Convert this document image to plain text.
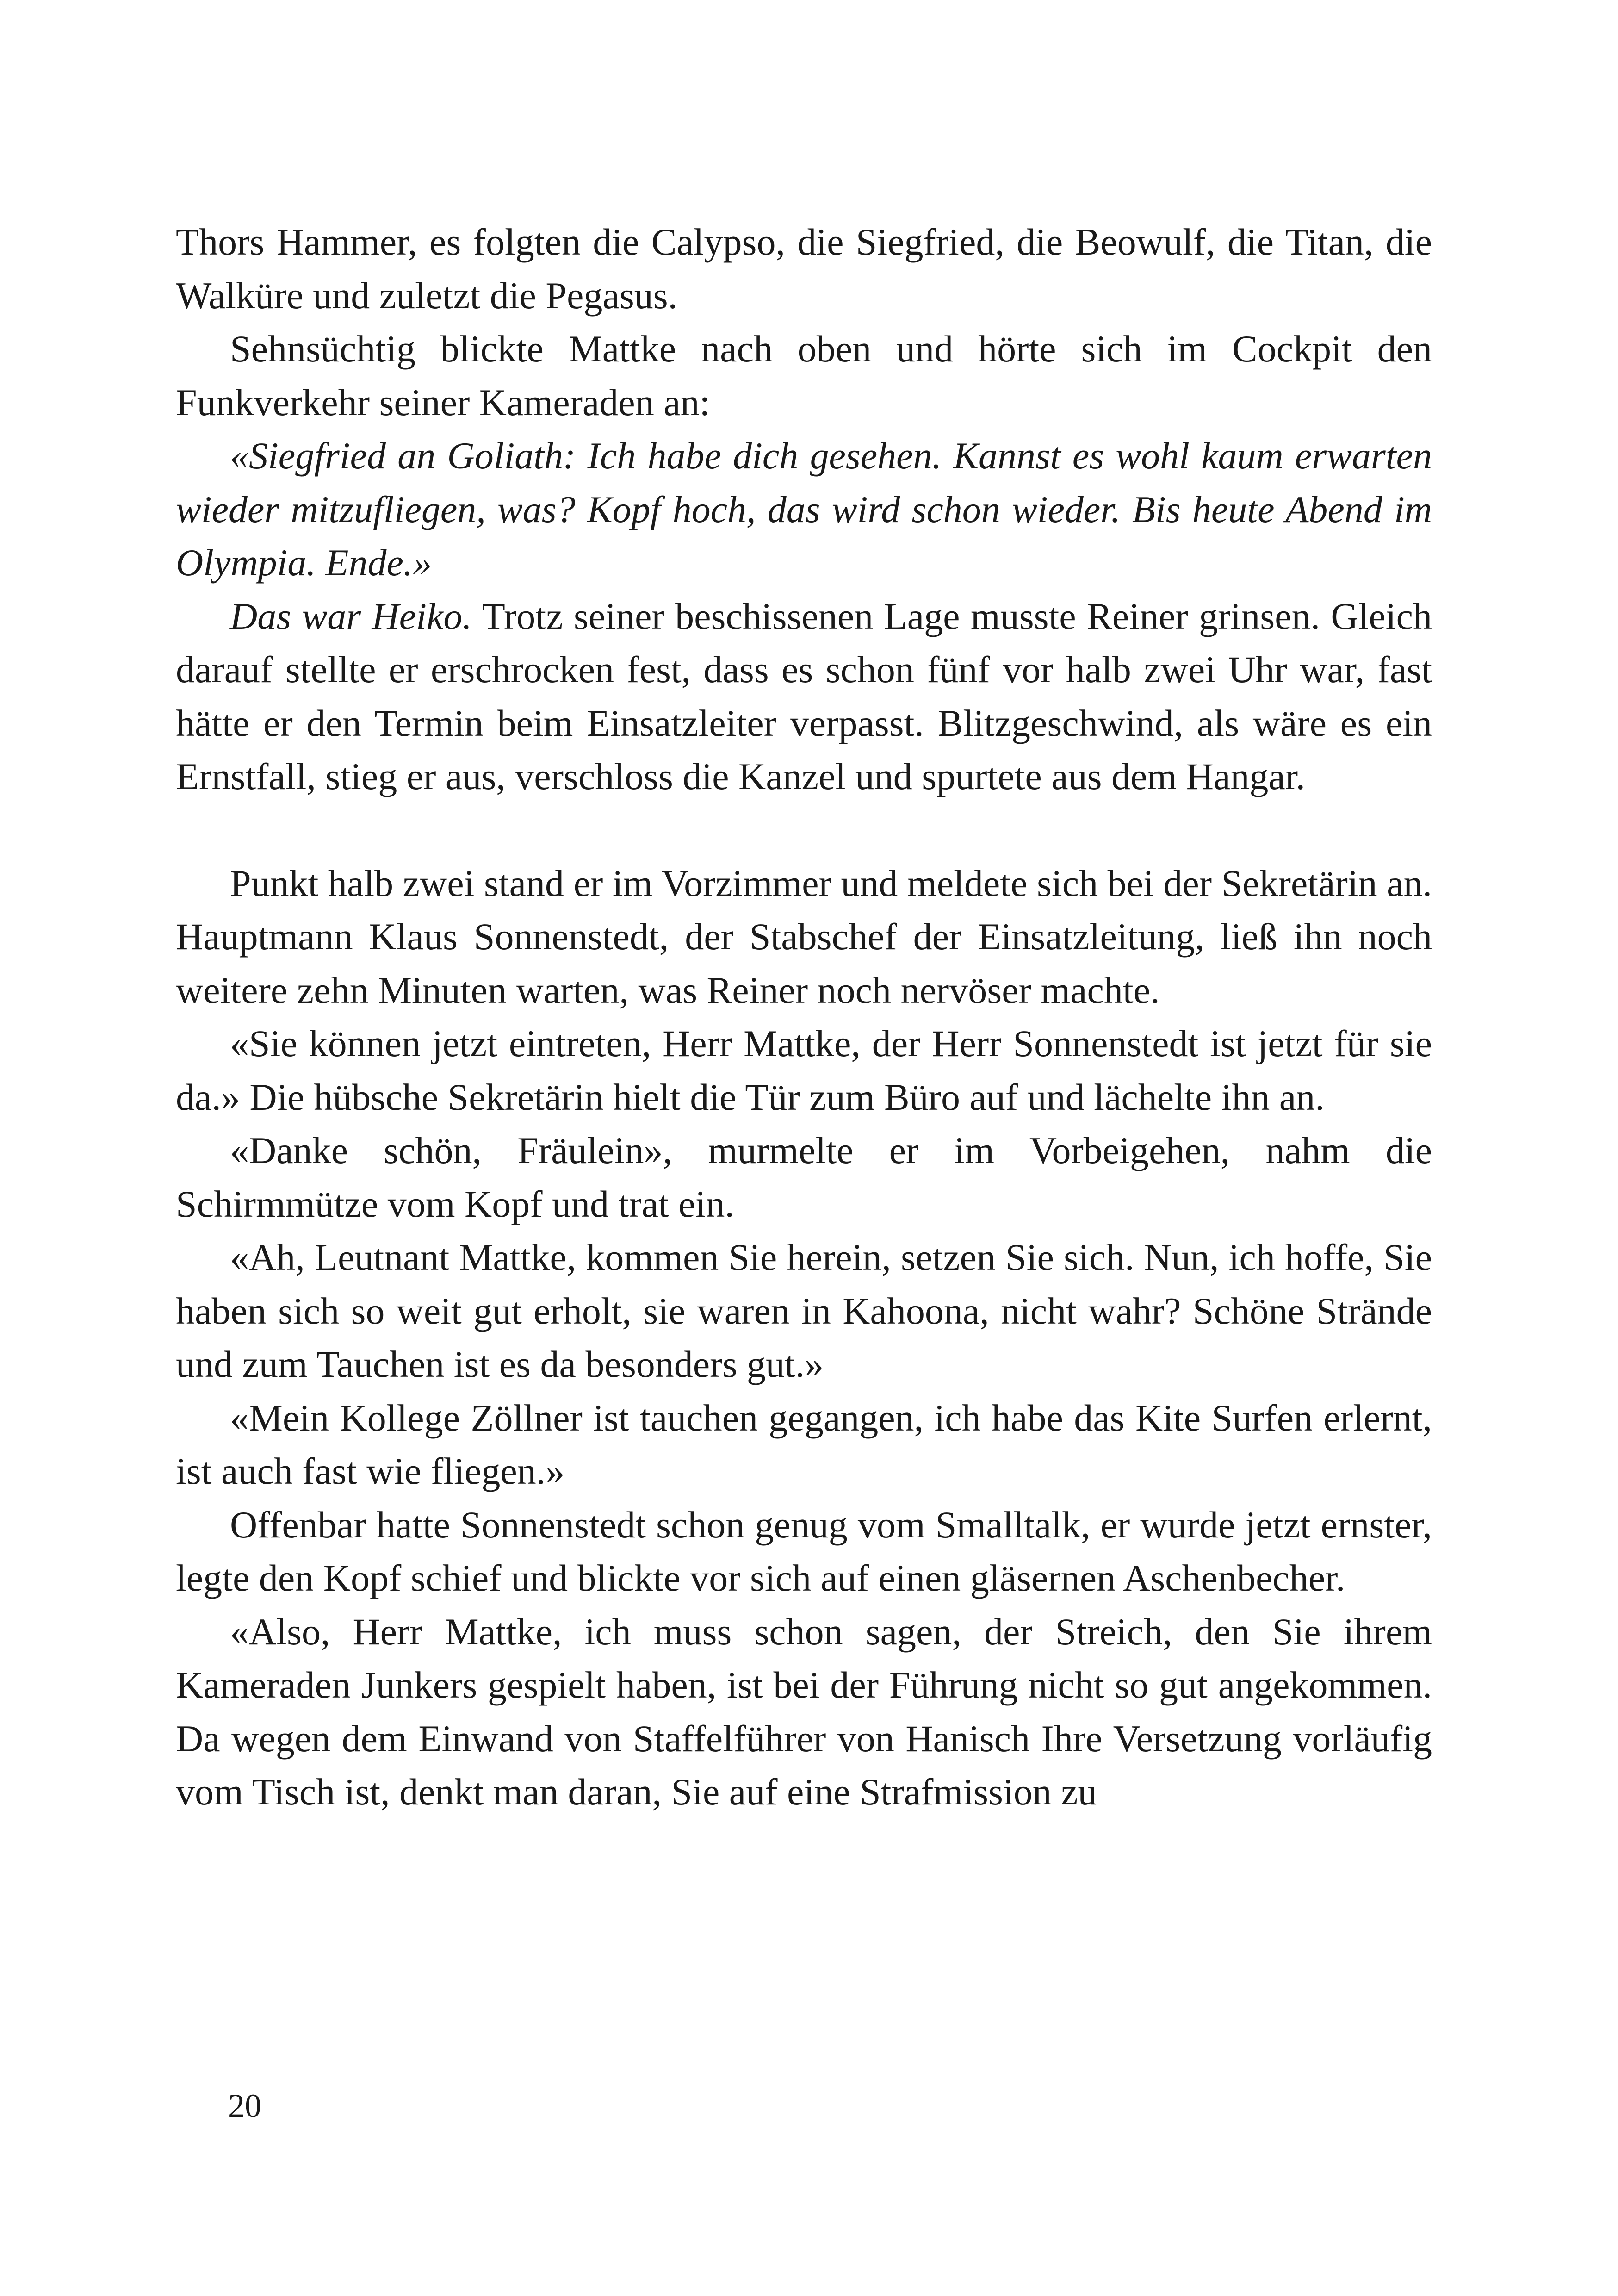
Thors Hammer, es folgten die Calypso, die Siegfried, die Beowulf, die Titan, die Walküre und zuletzt die Pegasus.

Sehnsüchtig blickte Mattke nach oben und hörte sich im Cockpit den Funkverkehr seiner Kameraden an:

«Siegfried an Goliath: Ich habe dich gesehen. Kannst es wohl kaum erwarten wieder mitzufliegen, was? Kopf hoch, das wird schon wieder. Bis heute Abend im Olympia. Ende.»

Das war Heiko. Trotz seiner beschissenen Lage musste Reiner grinsen. Gleich darauf stellte er erschrocken fest, dass es schon fünf vor halb zwei Uhr war, fast hätte er den Termin beim Einsatzleiter verpasst. Blitzgeschwind, als wäre es ein Ernstfall, stieg er aus, verschloss die Kanzel und spurtete aus dem Hangar.

Punkt halb zwei stand er im Vorzimmer und meldete sich bei der Sekretärin an. Hauptmann Klaus Sonnenstedt, der Stabschef der Einsatzleitung, ließ ihn noch weitere zehn Minuten warten, was Reiner noch nervöser machte.

«Sie können jetzt eintreten, Herr Mattke, der Herr Sonnenstedt ist jetzt für sie da.» Die hübsche Sekretärin hielt die Tür zum Büro auf und lächelte ihn an.

«Danke schön, Fräulein», murmelte er im Vorbeigehen, nahm die Schirmmütze vom Kopf und trat ein.

«Ah, Leutnant Mattke, kommen Sie herein, setzen Sie sich. Nun, ich hoffe, Sie haben sich so weit gut erholt, sie waren in Kahoona, nicht wahr? Schöne Strände und zum Tauchen ist es da besonders gut.»

«Mein Kollege Zöllner ist tauchen gegangen, ich habe das Kite Surfen erlernt, ist auch fast wie fliegen.»

Offenbar hatte Sonnenstedt schon genug vom Smalltalk, er wurde jetzt ernster, legte den Kopf schief und blickte vor sich auf einen gläsernen Aschenbecher.

«Also, Herr Mattke, ich muss schon sagen, der Streich, den Sie ihrem Kameraden Junkers gespielt haben, ist bei der Führung nicht so gut angekommen. Da wegen dem Einwand von Staffelführer von Hanisch Ihre Versetzung vorläufig vom Tisch ist, denkt man daran, Sie auf eine Strafmission zu

20
